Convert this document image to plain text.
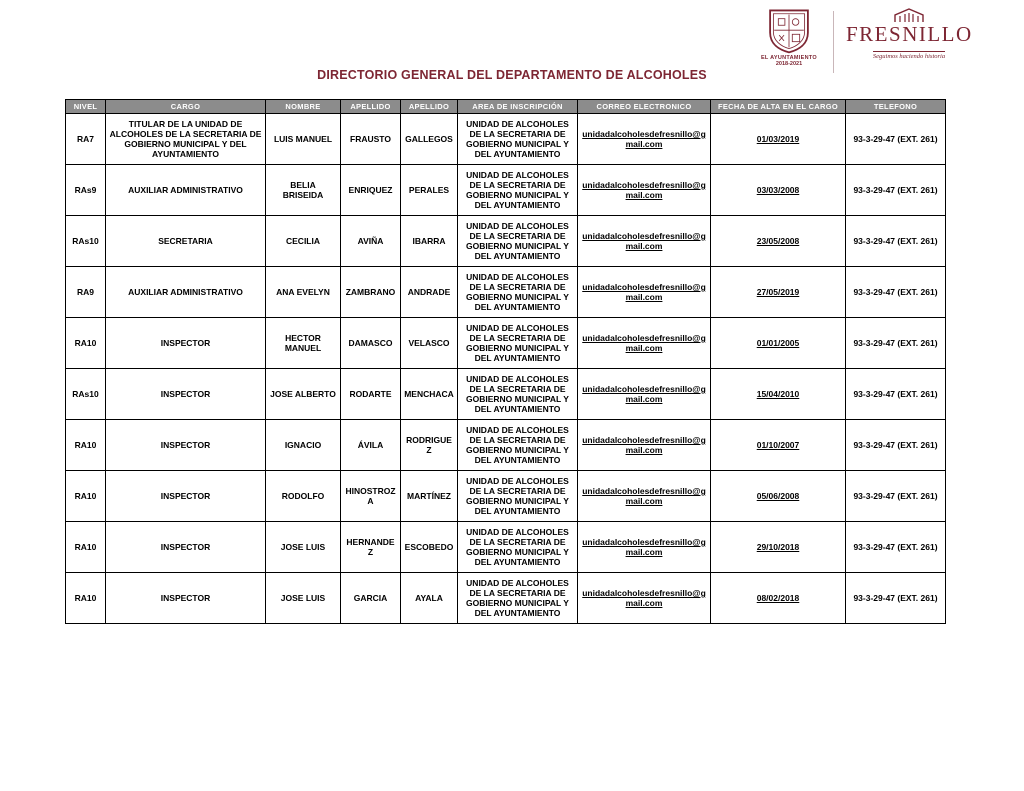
EL AYUNTAMIENTO
2018-2021
FRESNILLO
Seguimos haciendo historia
DIRECTORIO GENERAL DEL DEPARTAMENTO DE ALCOHOLES
NIVEL	CARGO	NOMBRE	APELLIDO	APELLIDO	AREA DE INSCRIPCIÓN	CORREO ELECTRONICO	FECHA DE ALTA EN EL CARGO	TELEFONO
RA7	TITULAR DE LA UNIDAD DE ALCOHOLES DE LA SECRETARIA DE GOBIERNO MUNICIPAL Y DEL AYUNTAMIENTO	LUIS MANUEL	FRAUSTO	GALLEGOS	UNIDAD DE ALCOHOLES DE LA SECRETARIA DE GOBIERNO MUNICIPAL Y DEL AYUNTAMIENTO	unidadalcoholesdefresnillo@gmail.com	01/03/2019	93-3-29-47 (EXT. 261)
RAs9	AUXILIAR ADMINISTRATIVO	BELIA BRISEIDA	ENRIQUEZ	PERALES	UNIDAD DE ALCOHOLES DE LA SECRETARIA DE GOBIERNO MUNICIPAL Y DEL AYUNTAMIENTO	unidadalcoholesdefresnillo@gmail.com	03/03/2008	93-3-29-47 (EXT. 261)
RAs10	SECRETARIA	CECILIA	AVIÑA	IBARRA	UNIDAD DE ALCOHOLES DE LA SECRETARIA DE GOBIERNO MUNICIPAL Y DEL AYUNTAMIENTO	unidadalcoholesdefresnillo@gmail.com	23/05/2008	93-3-29-47 (EXT. 261)
RA9	AUXILIAR ADMINISTRATIVO	ANA EVELYN	ZAMBRANO	ANDRADE	UNIDAD DE ALCOHOLES DE LA SECRETARIA DE GOBIERNO MUNICIPAL Y DEL AYUNTAMIENTO	unidadalcoholesdefresnillo@gmail.com	27/05/2019	93-3-29-47 (EXT. 261)
RA10	INSPECTOR	HECTOR MANUEL	DAMASCO	VELASCO	UNIDAD DE ALCOHOLES DE LA SECRETARIA DE GOBIERNO MUNICIPAL Y DEL AYUNTAMIENTO	unidadalcoholesdefresnillo@gmail.com	01/01/2005	93-3-29-47 (EXT. 261)
RAs10	INSPECTOR	JOSE ALBERTO	RODARTE	MENCHACA	UNIDAD DE ALCOHOLES DE LA SECRETARIA DE GOBIERNO MUNICIPAL Y DEL AYUNTAMIENTO	unidadalcoholesdefresnillo@gmail.com	15/04/2010	93-3-29-47 (EXT. 261)
RA10	INSPECTOR	IGNACIO	ÁVILA	RODRIGUEZ	UNIDAD DE ALCOHOLES DE LA SECRETARIA DE GOBIERNO MUNICIPAL Y DEL AYUNTAMIENTO	unidadalcoholesdefresnillo@gmail.com	01/10/2007	93-3-29-47 (EXT. 261)
RA10	INSPECTOR	RODOLFO	HINOSTROZA	MARTÍNEZ	UNIDAD DE ALCOHOLES DE LA SECRETARIA DE GOBIERNO MUNICIPAL Y DEL AYUNTAMIENTO	unidadalcoholesdefresnillo@gmail.com	05/06/2008	93-3-29-47 (EXT. 261)
RA10	INSPECTOR	JOSE LUIS	HERNANDEZ	ESCOBEDO	UNIDAD DE ALCOHOLES DE LA SECRETARIA DE GOBIERNO MUNICIPAL Y DEL AYUNTAMIENTO	unidadalcoholesdefresnillo@gmail.com	29/10/2018	93-3-29-47 (EXT. 261)
RA10	INSPECTOR	JOSE LUIS	GARCIA	AYALA	UNIDAD DE ALCOHOLES DE LA SECRETARIA DE GOBIERNO MUNICIPAL Y DEL AYUNTAMIENTO	unidadalcoholesdefresnillo@gmail.com	08/02/2018	93-3-29-47 (EXT. 261)
